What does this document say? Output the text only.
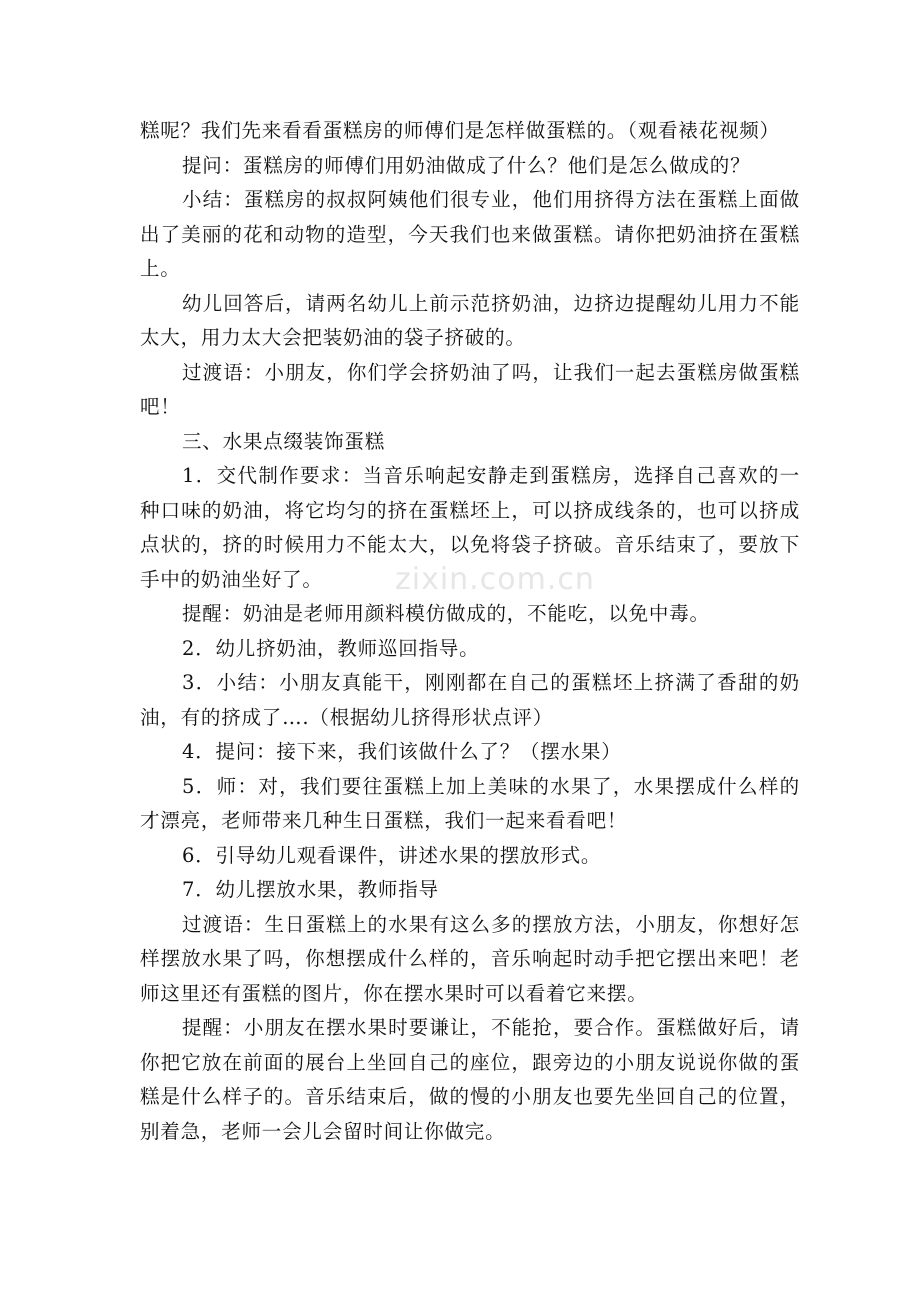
zixin.com.cn

糕呢？我们先来看看蛋糕房的师傅们是怎样做蛋糕的。（观看裱花视频）

提问：蛋糕房的师傅们用奶油做成了什么？他们是怎么做成的？

小结：蛋糕房的叔叔阿姨他们很专业，他们用挤得方法在蛋糕上面做出了美丽的花和动物的造型，今天我们也来做蛋糕。请你把奶油挤在蛋糕上。

幼儿回答后，请两名幼儿上前示范挤奶油，边挤边提醒幼儿用力不能太大，用力太大会把装奶油的袋子挤破的。

过渡语：小朋友，你们学会挤奶油了吗，让我们一起去蛋糕房做蛋糕吧！

三、水果点缀装饰蛋糕

1．交代制作要求：当音乐响起安静走到蛋糕房，选择自己喜欢的一种口味的奶油，将它均匀的挤在蛋糕坯上，可以挤成线条的，也可以挤成点状的，挤的时候用力不能太大，以免将袋子挤破。音乐结束了，要放下手中的奶油坐好了。

提醒：奶油是老师用颜料模仿做成的，不能吃，以免中毒。

2．幼儿挤奶油，教师巡回指导。

3．小结：小朋友真能干，刚刚都在自己的蛋糕坯上挤满了香甜的奶油，有的挤成了….（根据幼儿挤得形状点评）

4．提问：接下来，我们该做什么了？（摆水果）

5．师：对，我们要往蛋糕上加上美味的水果了，水果摆成什么样的才漂亮，老师带来几种生日蛋糕，我们一起来看看吧！

6．引导幼儿观看课件，讲述水果的摆放形式。

7．幼儿摆放水果，教师指导

过渡语：生日蛋糕上的水果有这么多的摆放方法，小朋友，你想好怎样摆放水果了吗，你想摆成什么样的，音乐响起时动手把它摆出来吧！老师这里还有蛋糕的图片，你在摆水果时可以看着它来摆。

提醒：小朋友在摆水果时要谦让，不能抢，要合作。蛋糕做好后，请你把它放在前面的展台上坐回自己的座位，跟旁边的小朋友说说你做的蛋糕是什么样子的。音乐结束后，做的慢的小朋友也要先坐回自己的位置，别着急，老师一会儿会留时间让你做完。
